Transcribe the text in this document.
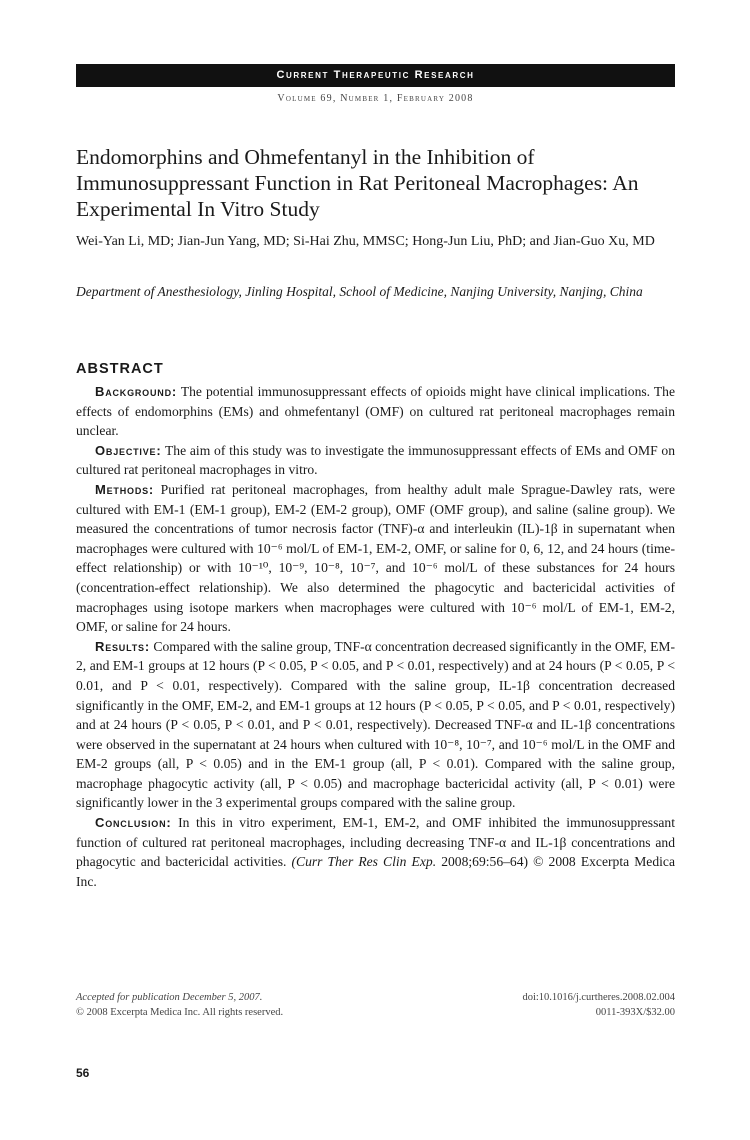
Current Therapeutic Research
Volume 69, Number 1, February 2008
Endomorphins and Ohmefentanyl in the Inhibition of Immunosuppressant Function in Rat Peritoneal Macrophages: An Experimental In Vitro Study
Wei-Yan Li, MD; Jian-Jun Yang, MD; Si-Hai Zhu, MMSC; Hong-Jun Liu, PhD; and Jian-Guo Xu, MD
Department of Anesthesiology, Jinling Hospital, School of Medicine, Nanjing University, Nanjing, China
ABSTRACT

Background: The potential immunosuppressant effects of opioids might have clinical implications. The effects of endomorphins (EMs) and ohmefentanyl (OMF) on cultured rat peritoneal macrophages remain unclear.

Objective: The aim of this study was to investigate the immunosuppressant effects of EMs and OMF on cultured rat peritoneal macrophages in vitro.

Methods: Purified rat peritoneal macrophages, from healthy adult male Sprague-Dawley rats, were cultured with EM-1 (EM-1 group), EM-2 (EM-2 group), OMF (OMF group), and saline (saline group). We measured the concentrations of tumor necrosis factor (TNF)-α and interleukin (IL)-1β in supernatant when macrophages were cultured with 10⁻⁶ mol/L of EM-1, EM-2, OMF, or saline for 0, 6, 12, and 24 hours (time-effect relationship) or with 10⁻¹⁰, 10⁻⁹, 10⁻⁸, 10⁻⁷, and 10⁻⁶ mol/L of these substances for 24 hours (concentration-effect relationship). We also determined the phagocytic and bactericidal activities of macrophages using isotope markers when macrophages were cultured with 10⁻⁶ mol/L of EM-1, EM-2, OMF, or saline for 24 hours.

Results: Compared with the saline group, TNF-α concentration decreased significantly in the OMF, EM-2, and EM-1 groups at 12 hours (P < 0.05, P < 0.05, and P < 0.01, respectively) and at 24 hours (P < 0.05, P < 0.01, and P < 0.01, respectively). Compared with the saline group, IL-1β concentration decreased significantly in the OMF, EM-2, and EM-1 groups at 12 hours (P < 0.05, P < 0.05, and P < 0.01, respectively) and at 24 hours (P < 0.05, P < 0.01, and P < 0.01, respectively). Decreased TNF-α and IL-1β concentrations were observed in the supernatant at 24 hours when cultured with 10⁻⁸, 10⁻⁷, and 10⁻⁶ mol/L in the OMF and EM-2 groups (all, P < 0.05) and in the EM-1 group (all, P < 0.01). Compared with the saline group, macrophage phagocytic activity (all, P < 0.05) and macrophage bactericidal activity (all, P < 0.01) were significantly lower in the 3 experimental groups compared with the saline group.

Conclusion: In this in vitro experiment, EM-1, EM-2, and OMF inhibited the immunosuppressant function of cultured rat peritoneal macrophages, including decreasing TNF-α and IL-1β concentrations and phagocytic and bactericidal activities. (Curr Ther Res Clin Exp. 2008;69:56–64) © 2008 Excerpta Medica Inc.

Accepted for publication December 5, 2007.
© 2008 Excerpta Medica Inc. All rights reserved.
doi:10.1016/j.curtheres.2008.02.004
0011-393X/$32.00
56
